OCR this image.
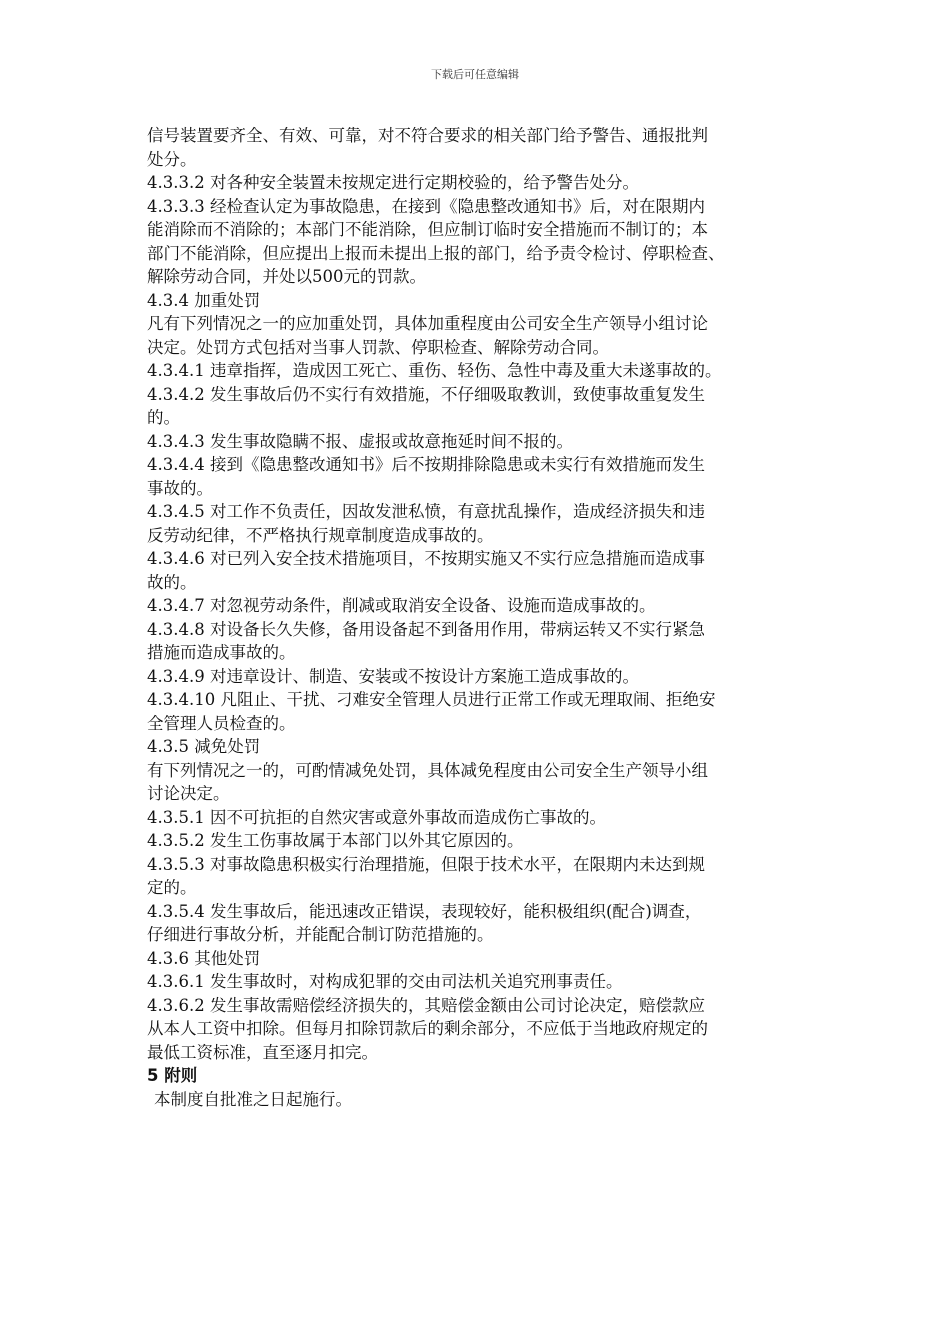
下载后可任意编辑

信号装置要齐全、有效、可靠，对不符合要求的相关部门给予警告、通报批判

处分。

4.3.3.2 对各种安全装置未按规定进行定期校验的，给予警告处分。

4.3.3.3 经检查认定为事故隐患，在接到《隐患整改通知书》后，对在限期内

能消除而不消除的；本部门不能消除，但应制订临时安全措施而不制订的；本

部门不能消除，但应提出上报而未提出上报的部门，给予责令检讨、停职检查、

解除劳动合同，并处以500元的罚款。

4.3.4 加重处罚

凡有下列情况之一的应加重处罚，具体加重程度由公司安全生产领导小组讨论

决定。处罚方式包括对当事人罚款、停职检查、解除劳动合同。

4.3.4.1 违章指挥，造成因工死亡、重伤、轻伤、急性中毒及重大未遂事故的。

4.3.4.2 发生事故后仍不实行有效措施，不仔细吸取教训，致使事故重复发生

的。

4.3.4.3 发生事故隐瞒不报、虚报或故意拖延时间不报的。

4.3.4.4 接到《隐患整改通知书》后不按期排除隐患或未实行有效措施而发生

事故的。

4.3.4.5 对工作不负责任，因故发泄私愤，有意扰乱操作，造成经济损失和违

反劳动纪律，不严格执行规章制度造成事故的。

4.3.4.6 对已列入安全技术措施项目，不按期实施又不实行应急措施而造成事

故的。

4.3.4.7 对忽视劳动条件，削减或取消安全设备、设施而造成事故的。

4.3.4.8 对设备长久失修，备用设备起不到备用作用，带病运转又不实行紧急

措施而造成事故的。

4.3.4.9 对违章设计、制造、安装或不按设计方案施工造成事故的。

4.3.4.10 凡阻止、干扰、刁难安全管理人员进行正常工作或无理取闹、拒绝安

全管理人员检查的。

4.3.5 减免处罚

有下列情况之一的，可酌情减免处罚，具体减免程度由公司安全生产领导小组

讨论决定。

4.3.5.1 因不可抗拒的自然灾害或意外事故而造成伤亡事故的。

4.3.5.2 发生工伤事故属于本部门以外其它原因的。

4.3.5.3 对事故隐患积极实行治理措施，但限于技术水平，在限期内未达到规

定的。

4.3.5.4 发生事故后，能迅速改正错误，表现较好，能积极组织(配合)调查，

仔细进行事故分析，并能配合制订防范措施的。

4.3.6 其他处罚

4.3.6.1 发生事故时，对构成犯罪的交由司法机关追究刑事责任。

4.3.6.2 发生事故需赔偿经济损失的，其赔偿金额由公司讨论决定，赔偿款应

从本人工资中扣除。但每月扣除罚款后的剩余部分，不应低于当地政府规定的

最低工资标准，直至逐月扣完。

5 附则

本制度自批准之日起施行。
